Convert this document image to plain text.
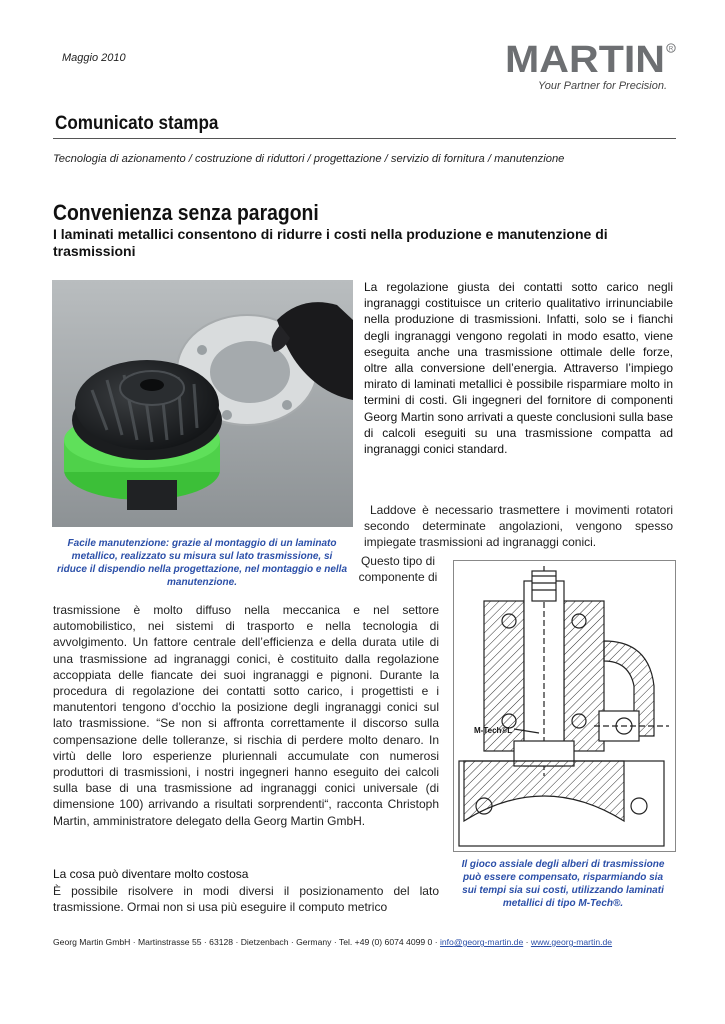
Maggio 2010	MARTIN R
Your Partner for Precision.
Comunicato stampa
Tecnologia di azionamento / costruzione di riduttori / progettazione / servizio di fornitura / manutenzione
Convenienza senza paragoni
I laminati metallici consentono di ridurre i costi nella produzione e manutenzione di trasmissioni
Facile manutenzione: grazie al montaggio di un laminato metallico, realizzato su misura sul lato trasmissione, si riduce il dispendio nella progettazione, nel montaggio e nella manutenzione.
La regolazione giusta dei contatti sotto carico negli ingranaggi costituisce un criterio qualitativo irrinunciabile nella produzione di trasmissioni. Infatti, solo se i fianchi degli ingranaggi vengono regolati in modo esatto, viene eseguita anche una trasmissione ottimale delle forze, oltre alla conversione dell’energia. Attraverso l’impiego mirato di laminati metallici è possibile risparmiare molto in termini di costi. Gli ingegneri del fornitore di componenti Georg Martin sono arrivati a queste conclusioni sulla base di calcoli eseguiti su una trasmissione compatta ad ingranaggi conici standard.
Laddove è necessario trasmettere i movimenti rotatori secondo determinate angolazioni, vengono spesso impiegate trasmissioni ad ingranaggi conici.
Questo tipo di componente di
M-Tech®L
trasmissione è molto diffuso nella meccanica e nel settore automobilistico, nei sistemi di trasporto e nella tecnologia di avvolgimento. Un fattore centrale dell’efficienza e della durata utile di una trasmissione ad ingranaggi conici, è costituito dalla regolazione accoppiata delle fiancate dei suoi ingranaggi e pignoni. Durante la procedura di regolazione dei contatti sotto carico, i progettisti e i manutentori tengono d’occhio la posizione degli ingranaggi conici sul lato trasmissione. “Se non si affronta correttamente il discorso sulla compensazione delle tolleranze, si rischia di perdere molto denaro. In virtù delle loro esperienze pluriennali accumulate con numerosi produttori di trasmissioni, i nostri ingegneri hanno eseguito dei calcoli sulla base di una trasmissione ad ingranaggi conici universale (di dimensione 100) arrivando a risultati sorprendenti“, racconta Christoph Martin, amministratore delegato della Georg Martin GmbH.
La cosa può diventare molto costosa
È possibile risolvere in modi diversi il posizionamento del lato trasmissione. Ormai non si usa più eseguire il computo metrico
Il gioco assiale degli alberi di trasmissione può essere compensato, risparmiando sia sui tempi sia sui costi, utilizzando laminati metallici di tipo M-Tech®.
Georg Martin GmbH · Martinstrasse 55 · 63128 · Dietzenbach · Germany · Tel. +49 (0) 6074 4099 0 · info@georg-martin.de · www.georg-martin.de
